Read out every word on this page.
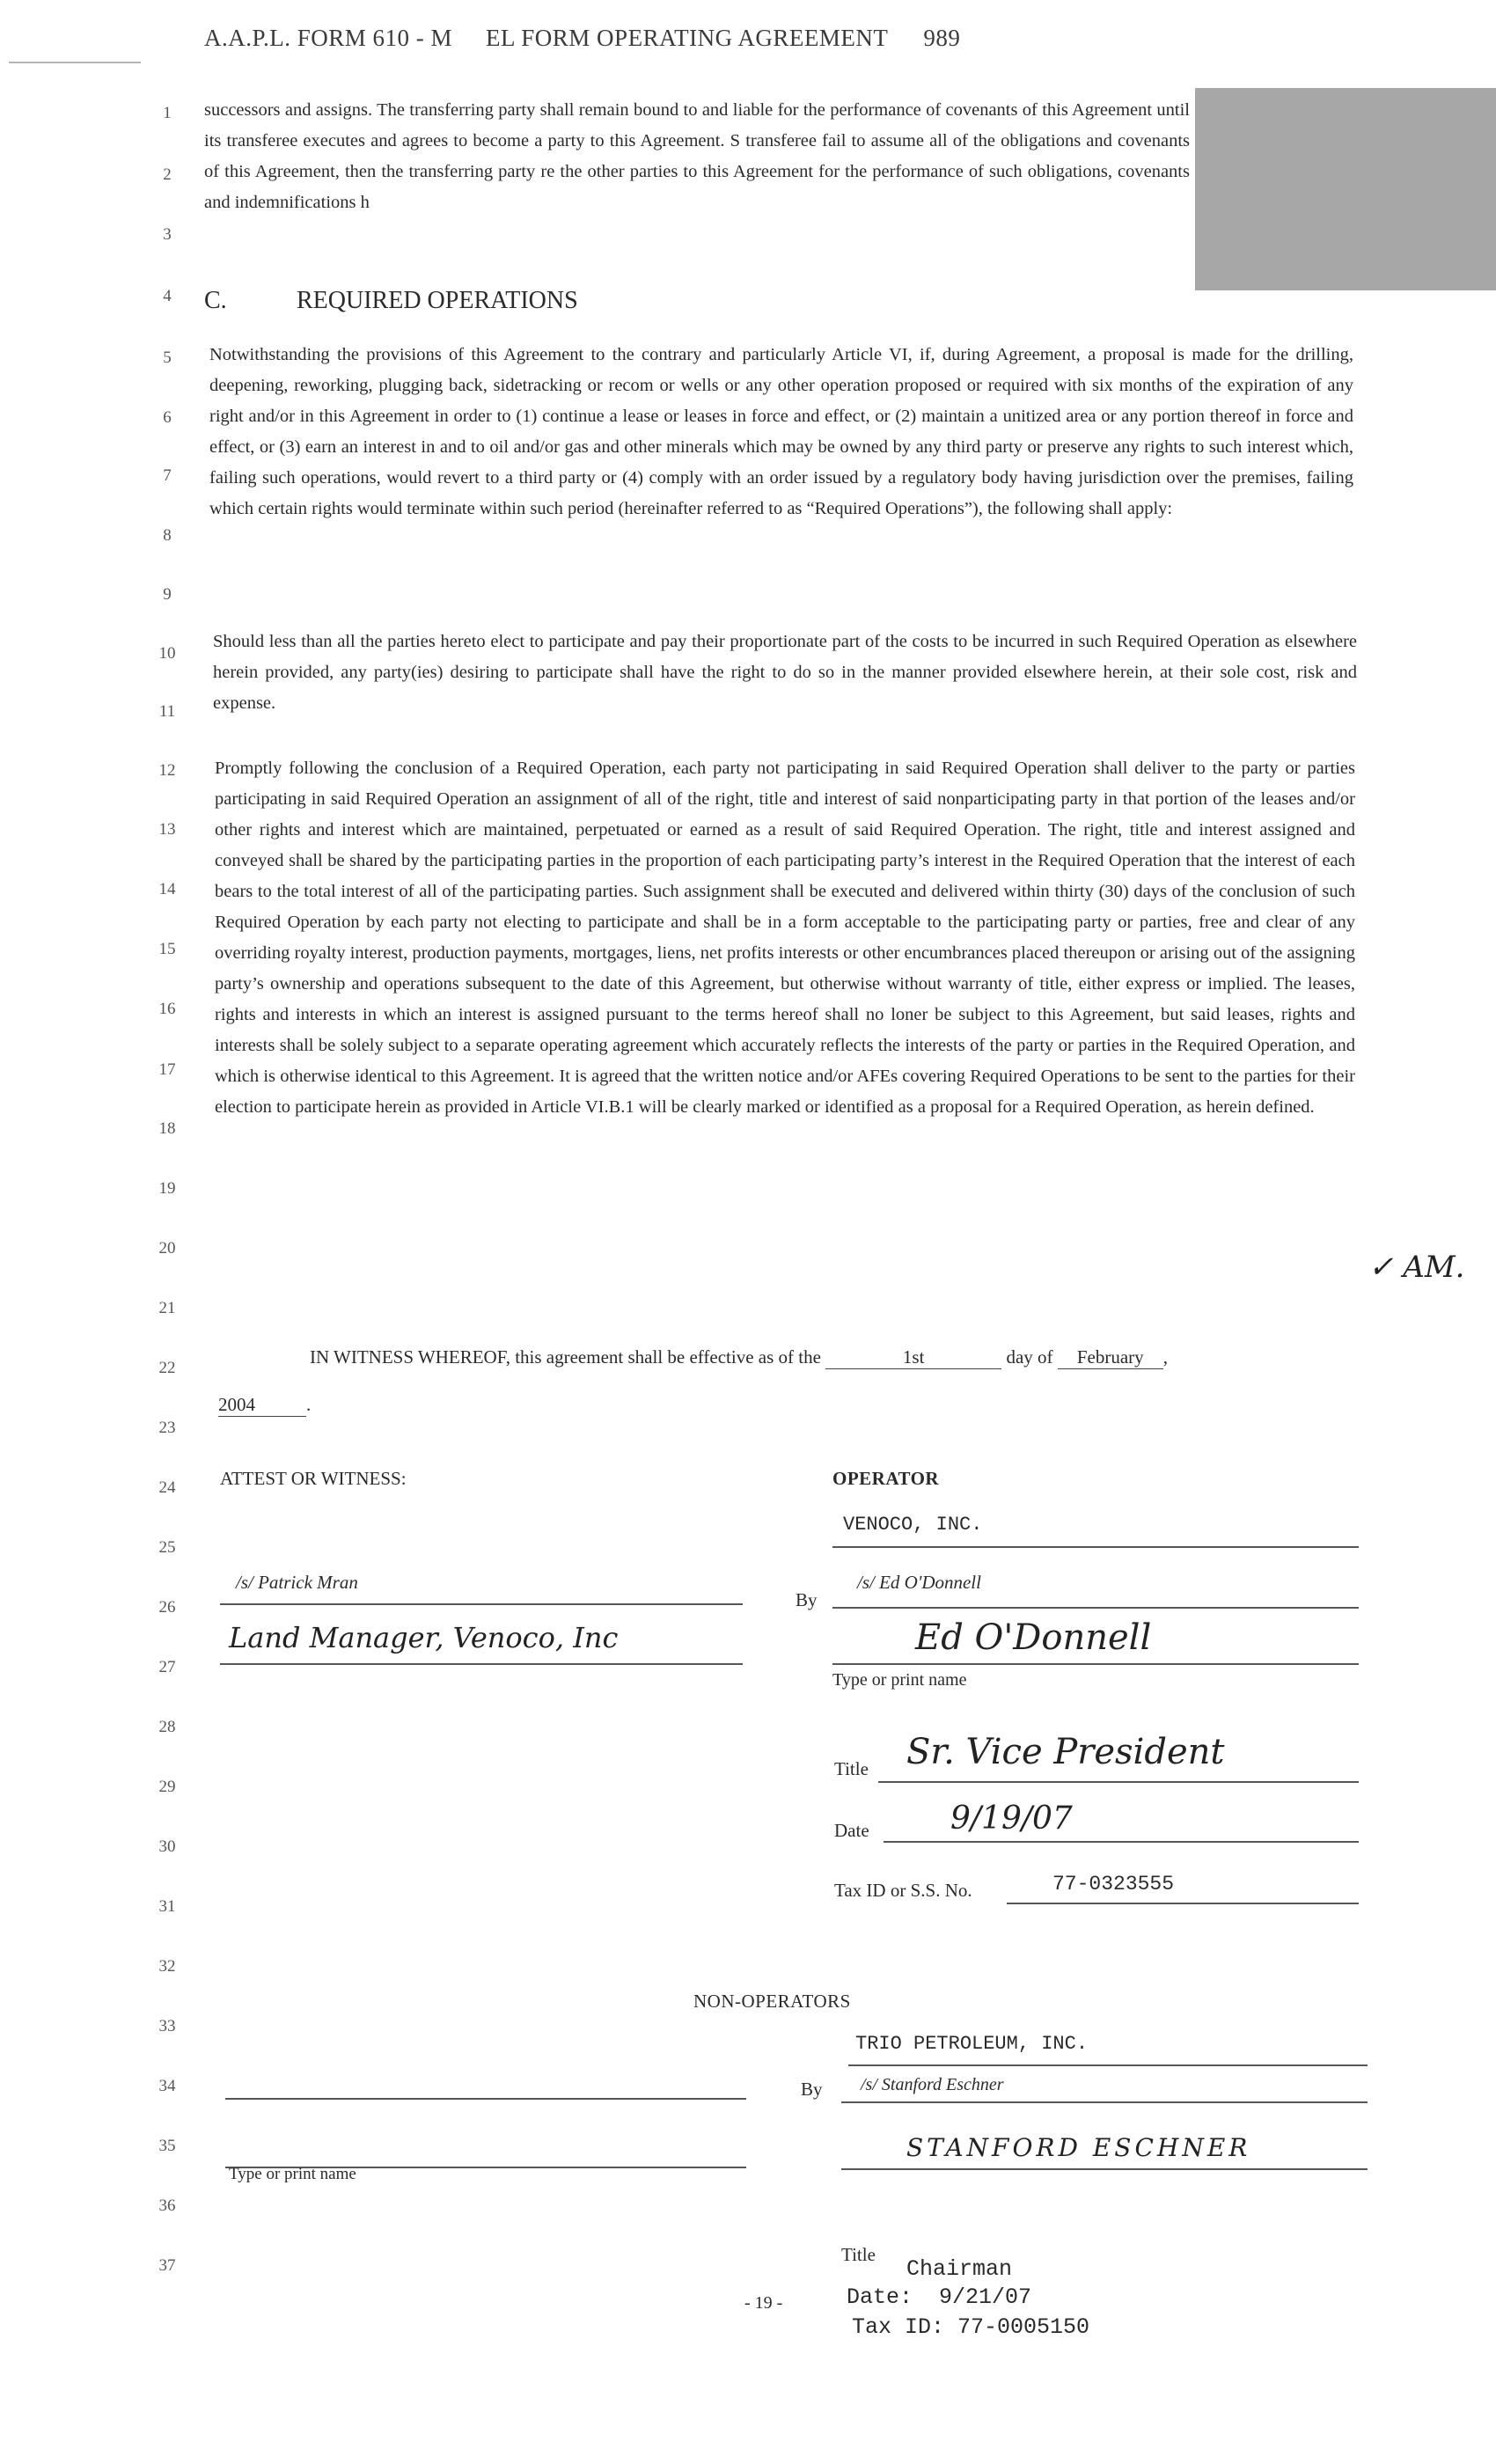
A.A.P.L. FORM 610 - M EL FORM OPERATING AGREEMENT 989
1
2
3
4
5
6
7
8
9
10
11
12
13
14
15
16
17
18
19
20
21
22
23
24
25
26
27
28
29
30
31
32
33
34
35
36
37

successors and assigns. The transferring party shall remain bound to and liable for the performance of covenants of this Agreement until its transferee executes and agrees to become a party to this Agreement. S transferee fail to assume all of the obligations and covenants of this Agreement, then the transferring party re the other parties to this Agreement for the performance of such obligations, covenants and indemnifications h

C.	REQUIRED OPERATIONS

Notwithstanding the provisions of this Agreement to the contrary and particularly Article VI, if, during Agreement, a proposal is made for the drilling, deepening, reworking, plugging back, sidetracking or recom or wells or any other operation proposed or required with six months of the expiration of any right and/or in this Agreement in order to (1) continue a lease or leases in force and effect, or (2) maintain a unitized area or any portion thereof in force and effect, or (3) earn an interest in and to oil and/or gas and other minerals which may be owned by any third party or preserve any rights to such interest which, failing such operations, would revert to a third party or (4) comply with an order issued by a regulatory body having jurisdiction over the premises, failing which certain rights would terminate within such period (hereinafter referred to as “Required Operations”), the following shall apply:

Should less than all the parties hereto elect to participate and pay their proportionate part of the costs to be incurred in such Required Operation as elsewhere herein provided, any party(ies) desiring to participate shall have the right to do so in the manner provided elsewhere herein, at their sole cost, risk and expense.

Promptly following the conclusion of a Required Operation, each party not participating in said Required Operation shall deliver to the party or parties participating in said Required Operation an assignment of all of the right, title and interest of said nonparticipating party in that portion of the leases and/or other rights and interest which are maintained, perpetuated or earned as a result of said Required Operation. The right, title and interest assigned and conveyed shall be shared by the participating parties in the proportion of each participating party’s interest in the Required Operation that the interest of each bears to the total interest of all of the participating parties. Such assignment shall be executed and delivered within thirty (30) days of the conclusion of such Required Operation by each party not electing to participate and shall be in a form acceptable to the participating party or parties, free and clear of any overriding royalty interest, production payments, mortgages, liens, net profits interests or other encumbrances placed thereupon or arising out of the assigning party’s ownership and operations subsequent to the date of this Agreement, but otherwise without warranty of title, either express or implied. The leases, rights and interests in which an interest is assigned pursuant to the terms hereof shall no loner be subject to this Agreement, but said leases, rights and interests shall be solely subject to a separate operating agreement which accurately reflects the interests of the party or parties in the Required Operation, and which is otherwise identical to this Agreement. It is agreed that the written notice and/or AFEs covering Required Operations to be sent to the parties for their election to participate herein as provided in Article VI.B.1 will be clearly marked or identified as a proposal for a Required Operation, as herein defined.

✓ AM.
IN WITNESS WHEREOF, this agreement shall be effective as of the	1st	day of February ,
2004	.
ATTEST OR WITNESS:
/s/ Patrick Mran
Land Manager, Venoco, Inc
OPERATOR
VENOCO, INC.
By
/s/ Ed O'Donnell
Ed O'Donnell
Type or print name
Title Sr. Vice President
Date	9/19/07
Tax ID or S.S. No.	77-0323555
NON-OPERATORS
TRIO PETROLEUM, INC.
By /s/ Stanford Eschner
Type or print name
STANFORD ESCHNER
Title
Chairman
Date:  9/21/07
Tax ID: 77-0005150
- 19 -
